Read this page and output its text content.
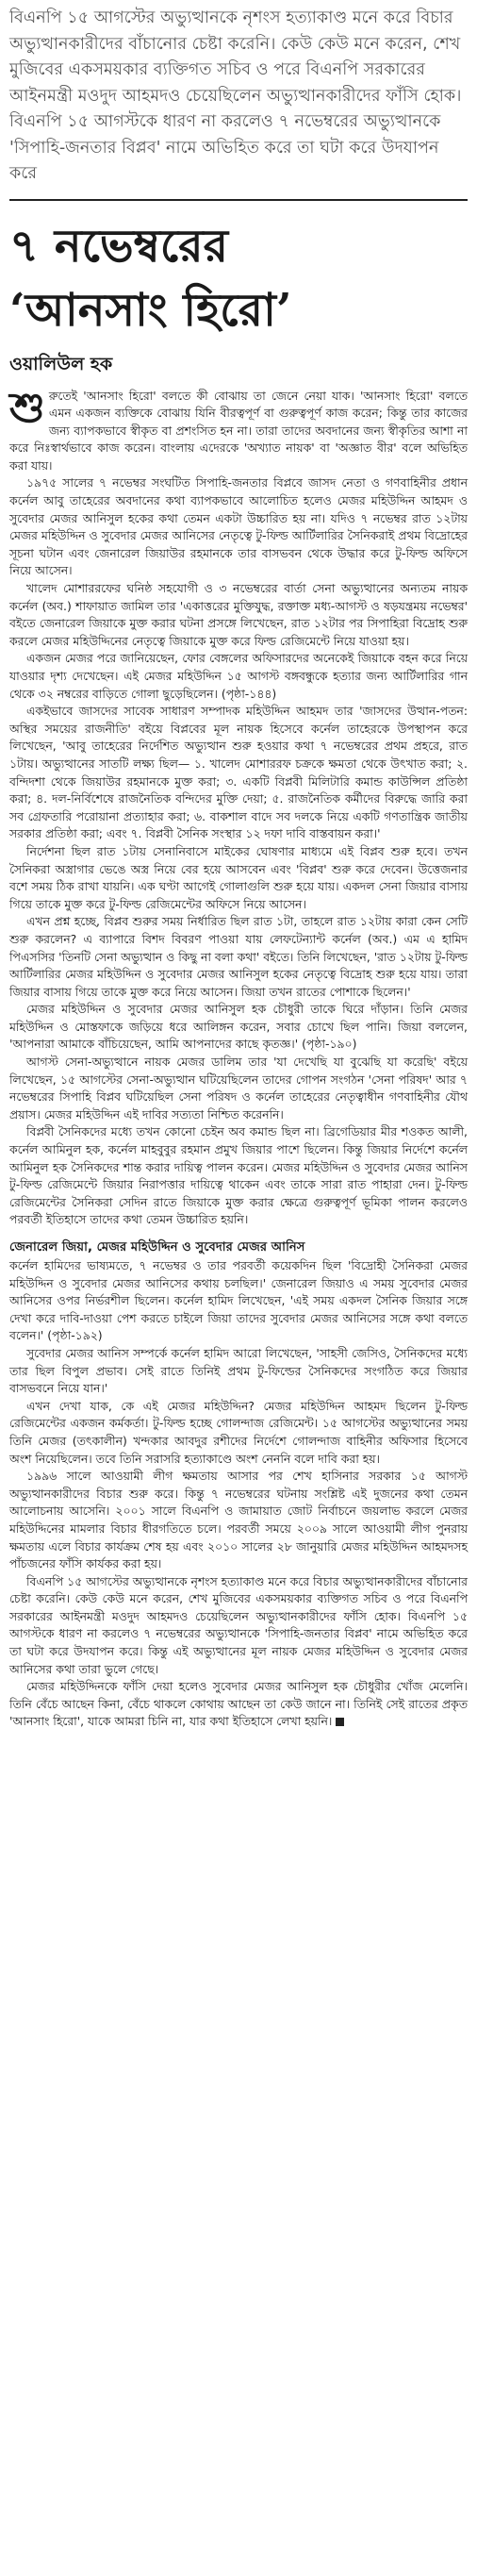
বিএনপি ১৫ আগস্টের অভ্যুত্থানকে নৃশংস হত্যাকাণ্ড মনে করে বিচার অভ্যুত্থানকারীদের বাঁচানোর চেষ্টা করেনি। কেউ কেউ মনে করেন, শেখ মুজিবের একসময়কার ব্যক্তিগত সচিব ও পরে বিএনপি সরকারের আইনমন্ত্রী মওদুদ আহমদও চেয়েছিলেন অভ্যুত্থানকারীদের ফাঁসি হোক। বিএনপি ১৫ আগস্টকে ধারণ না করলেও ৭ নভেম্বরের অভ্যুত্থানকে 'সিপাহি-জনতার বিপ্লব' নামে অভিহিত করে তা ঘটা করে উদযাপন করে

৭ নভেম্বরের
‘আনসাং হিরো’
ওয়ালিউল হক

শুরুতেই 'আনসাং হিরো' বলতে কী বোঝায় তা জেনে নেয়া যাক। 'আনসাং হিরো' বলতে এমন একজন ব্যক্তিকে বোঝায় যিনি বীরত্বপূর্ণ বা গুরুত্বপূর্ণ কাজ করেন; কিন্তু তার কাজের জন্য ব্যাপকভাবে স্বীকৃত বা প্রশংসিত হন না। তারা তাদের অবদানের জন্য স্বীকৃতির আশা না করে নিঃস্বার্থভাবে কাজ করেন। বাংলায় এদেরকে 'অখ্যাত নায়ক' বা 'অজ্ঞাত বীর' বলে অভিহিত করা যায়।

১৯৭৫ সালের ৭ নভেম্বর সংঘটিত সিপাহি-জনতার বিপ্লবে জাসদ নেতা ও গণবাহিনীর প্রধান কর্নেল আবু তাহেরের অবদানের কথা ব্যাপকভাবে আলোচিত হলেও মেজর মহিউদ্দিন আহমদ ও সুবেদার মেজর আনিসুল হকের কথা তেমন একটা উচ্চারিত হয় না। যদিও ৭ নভেম্বর রাত ১২টায় মেজর মহিউদ্দিন ও সুবেদার মেজর আনিসের নেতৃত্বে টু-ফিল্ড আর্টিলারির সৈনিকরাই প্রথম বিদ্রোহের সূচনা ঘটান এবং জেনারেল জিয়াউর রহমানকে তার বাসভবন থেকে উদ্ধার করে টু-ফিল্ড অফিসে নিয়ে আসেন।

খালেদ মোশাররফের ঘনিষ্ঠ সহযোগী ও ৩ নভেম্বরের বার্তা সেনা অভ্যুত্থানের অন্যতম নায়ক কর্নেল (অব.) শাফায়াত জামিল তার 'একাত্তরের মুক্তিযুদ্ধ, রক্তাক্ত মধ্য-আগস্ট ও ষড়যন্ত্রময় নভেম্বর' বইতে জেনারেল জিয়াকে মুক্ত করার ঘটনা প্রসঙ্গে লিখেছেন, রাত ১২টার পর সিপাহিরা বিদ্রোহ শুরু করলে মেজর মহিউদ্দিনের নেতৃত্বে জিয়াকে মুক্ত করে ফিল্ড রেজিমেন্টে নিয়ে যাওয়া হয়।

একজন মেজর পরে জানিয়েছেন, ফোর বেঙ্গলের অফিসারদের অনেকেই জিয়াকে বহন করে নিয়ে যাওয়ার দৃশ্য দেখেছেন। এই মেজর মহিউদ্দিন ১৫ আগস্ট বঙ্গবন্ধুকে হত্যার জন্য আর্টিলারির গান থেকে ৩২ নম্বরের বাড়িতে গোলা ছুড়েছিলেন। (পৃষ্ঠা-১৪৪)

একইভাবে জাসদের সাবেক সাধারণ সম্পাদক মহিউদ্দিন আহমদ তার 'জাসদের উত্থান-পতন: অস্থির সময়ের রাজনীতি' বইয়ে বিপ্লবের মূল নায়ক হিসেবে কর্নেল তাহেরকে উপস্থাপন করে লিখেছেন, 'আবু তাহেরের নির্দেশিত অভ্যুত্থান শুরু হওয়ার কথা ৭ নভেম্বরের প্রথম প্রহরে, রাত ১টায়। অভ্যুত্থানের সাতটি লক্ষ্য ছিল— ১. খালেদ মোশাররফ চক্রকে ক্ষমতা থেকে উৎখাত করা; ২. বন্দিদশা থেকে জিয়াউর রহমানকে মুক্ত করা; ৩. একটি বিপ্লবী মিলিটারি কমান্ড কাউন্সিল প্রতিষ্ঠা করা; ৪. দল-নির্বিশেষে রাজনৈতিক বন্দিদের মুক্তি দেয়া; ৫. রাজনৈতিক কর্মীদের বিরুদ্ধে জারি করা সব গ্রেফতারি পরোয়ানা প্রত্যাহার করা; ৬. বাকশাল বাদে সব দলকে নিয়ে একটি গণতান্ত্রিক জাতীয় সরকার প্রতিষ্ঠা করা; এবং ৭. বিপ্লবী সৈনিক সংস্থার ১২ দফা দাবি বাস্তবায়ন করা।'

নির্দেশনা ছিল রাত ১টায় সেনানিবাসে মাইকের ঘোষণার মাধ্যমে এই বিপ্লব শুরু হবে। তখন সৈনিকরা অস্ত্রাগার ভেঙে অস্ত্র নিয়ে বের হয়ে আসবেন এবং 'বিপ্লব' শুরু করে দেবেন। উত্তেজনার বশে সময় ঠিক রাখা যায়নি। এক ঘণ্টা আগেই গোলাগুলি শুরু হয়ে যায়। একদল সেনা জিয়ার বাসায় গিয়ে তাকে মুক্ত করে টু-ফিল্ড রেজিমেন্টের অফিসে নিয়ে আসেন।

এখন প্রশ্ন হচ্ছে, বিপ্লব শুরুর সময় নির্ধারিত ছিল রাত ১টা, তাহলে রাত ১২টায় কারা কেন সেটি শুরু করলেন? এ ব্যাপারে বিশদ বিবরণ পাওয়া যায় লেফটেন্যান্ট কর্নেল (অব.) এম এ হামিদ পিএসসির 'তিনটি সেনা অভ্যুত্থান ও কিছু না বলা কথা' বইতে। তিনি লিখেছেন, 'রাত ১২টায় টু-ফিল্ড আর্টিলারির মেজর মহিউদ্দিন ও সুবেদার মেজর আনিসুল হকের নেতৃত্বে বিদ্রোহ শুরু হয়ে যায়। তারা জিয়ার বাসায় গিয়ে তাকে মুক্ত করে নিয়ে আসেন। জিয়া তখন রাতের পোশাকে ছিলেন।'

মেজর মহিউদ্দিন ও সুবেদার মেজর আনিসুল হক চৌধুরী তাকে ঘিরে দাঁড়ান। তিনি মেজর মহিউদ্দিন ও মোস্তফাকে জড়িয়ে ধরে আলিঙ্গন করেন, সবার চোখে ছিল পানি। জিয়া বললেন, 'আপনারা আমাকে বাঁচিয়েছেন, আমি আপনাদের কাছে কৃতজ্ঞ।' (পৃষ্ঠা-১৯০)

আগস্ট সেনা-অভ্যুত্থানে নায়ক মেজর ডালিম তার 'যা দেখেছি যা বুঝেছি যা করেছি' বইয়ে লিখেছেন, ১৫ আগস্টের সেনা-অভ্যুত্থান ঘটিয়েছিলেন তাদের গোপন সংগঠন 'সেনা পরিষদ' আর ৭ নভেম্বরের সিপাহি বিপ্লব ঘটিয়েছিল সেনা পরিষদ ও কর্নেল তাহেরের নেতৃত্বাধীন গণবাহিনীর যৌথ প্রয়াস। মেজর মহিউদ্দিন এই দাবির সত্যতা নিশ্চিত করেননি।

বিপ্লবী সৈনিকদের মধ্যে তখন কোনো চেইন অব কমান্ড ছিল না। ব্রিগেডিয়ার মীর শওকত আলী, কর্নেল আমিনুল হক, কর্নেল মাহবুবুর রহমান প্রমুখ জিয়ার পাশে ছিলেন। কিন্তু জিয়ার নির্দেশে কর্নেল আমিনুল হক সৈনিকদের শান্ত করার দায়িত্ব পালন করেন। মেজর মহিউদ্দিন ও সুবেদার মেজর আনিস টু-ফিল্ড রেজিমেন্টে জিয়ার নিরাপত্তার দায়িত্বে থাকেন এবং তাকে সারা রাত পাহারা দেন। টু-ফিল্ড রেজিমেন্টের সৈনিকরা সেদিন রাতে জিয়াকে মুক্ত করার ক্ষেত্রে গুরুত্বপূর্ণ ভূমিকা পালন করলেও পরবর্তী ইতিহাসে তাদের কথা তেমন উচ্চারিত হয়নি।

জেনারেল জিয়া, মেজর মহিউদ্দিন ও সুবেদার মেজর আনিস

কর্নেল হামিদের ভাষ্যমতে, ৭ নভেম্বর ও তার পরবর্তী কয়েকদিন ছিল 'বিদ্রোহী সৈনিকরা মেজর মহিউদ্দিন ও সুবেদার মেজর আনিসের কথায় চলছিল।' জেনারেল জিয়াও এ সময় সুবেদার মেজর আনিসের ওপর নির্ভরশীল ছিলেন। কর্নেল হামিদ লিখেছেন, 'এই সময় একদল সৈনিক জিয়ার সঙ্গে দেখা করে দাবি-দাওয়া পেশ করতে চাইলে জিয়া তাদের সুবেদার মেজর আনিসের সঙ্গে কথা বলতে বলেন।' (পৃষ্ঠা-১৯২)

সুবেদার মেজর আনিস সম্পর্কে কর্নেল হামিদ আরো লিখেছেন, 'সাহসী জেসিও, সৈনিকদের মধ্যে তার ছিল বিপুল প্রভাব। সেই রাতে তিনিই প্রথম টু-ফিল্ডের সৈনিকদের সংগঠিত করে জিয়ার বাসভবনে নিয়ে যান।'

এখন দেখা যাক, কে এই মেজর মহিউদ্দিন? মেজর মহিউদ্দিন আহমদ ছিলেন টু-ফিল্ড রেজিমেন্টের একজন কর্মকর্তা। টু-ফিল্ড হচ্ছে গোলন্দাজ রেজিমেন্ট। ১৫ আগস্টের অভ্যুত্থানের সময় তিনি মেজর (তৎকালীন) খন্দকার আবদুর রশীদের নির্দেশে গোলন্দাজ বাহিনীর অফিসার হিসেবে অংশ নিয়েছিলেন। তবে তিনি সরাসরি হত্যাকাণ্ডে অংশ নেননি বলে দাবি করা হয়।

১৯৯৬ সালে আওয়ামী লীগ ক্ষমতায় আসার পর শেখ হাসিনার সরকার ১৫ আগস্ট অভ্যুত্থানকারীদের বিচার শুরু করে। কিন্তু ৭ নভেম্বরের ঘটনায় সংশ্লিষ্ট এই দুজনের কথা তেমন আলোচনায় আসেনি। ২০০১ সালে বিএনপি ও জামায়াত জোট নির্বাচনে জয়লাভ করলে মেজর মহিউদ্দিনের মামলার বিচার ধীরগতিতে চলে। পরবর্তী সময়ে ২০০৯ সালে আওয়ামী লীগ পুনরায় ক্ষমতায় এলে বিচার কার্যক্রম শেষ হয় এবং ২০১০ সালের ২৮ জানুয়ারি মেজর মহিউদ্দিন আহমদসহ পাঁচজনের ফাঁসি কার্যকর করা হয়।

বিএনপি ১৫ আগস্টের অভ্যুত্থানকে নৃশংস হত্যাকাণ্ড মনে করে বিচার অভ্যুত্থানকারীদের বাঁচানোর চেষ্টা করেনি। কেউ কেউ মনে করেন, শেখ মুজিবের একসময়কার ব্যক্তিগত সচিব ও পরে বিএনপি সরকারের আইনমন্ত্রী মওদুদ আহমদও চেয়েছিলেন অভ্যুত্থানকারীদের ফাঁসি হোক। বিএনপি ১৫ আগস্টকে ধারণ না করলেও ৭ নভেম্বরের অভ্যুত্থানকে 'সিপাহি-জনতার বিপ্লব' নামে অভিহিত করে তা ঘটা করে উদযাপন করে। কিন্তু এই অভ্যুত্থানের মূল নায়ক মেজর মহিউদ্দিন ও সুবেদার মেজর আনিসের কথা তারা ভুলে গেছে।

মেজর মহিউদ্দিনকে ফাঁসি দেয়া হলেও সুবেদার মেজর আনিসুল হক চৌধুরীর খোঁজ মেলেনি। তিনি বেঁচে আছেন কিনা, বেঁচে থাকলে কোথায় আছেন তা কেউ জানে না। তিনিই সেই রাতের প্রকৃত 'আনসাং হিরো', যাকে আমরা চিনি না, যার কথা ইতিহাসে লেখা হয়নি।
